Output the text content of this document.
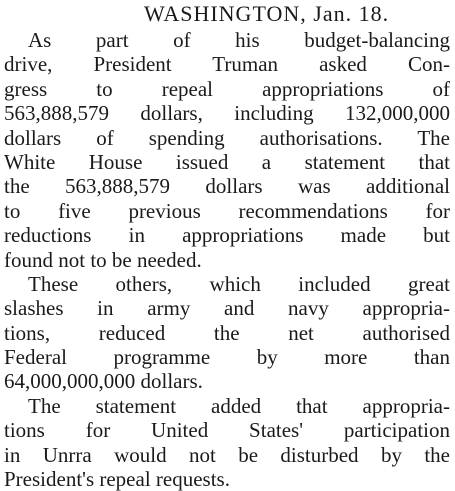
WASHINGTON, Jan. 18.
As part of his budget-balancing
drive, President Truman asked Con-
gress to repeal appropriations of
563,888,579 dollars, including 132,000,000
dollars of spending authorisations. The
White House issued a statement that
the 563,888,579 dollars was additional
to five previous recommendations for
reductions in appropriations made but
found not to be needed.
These others, which included great
slashes in army and navy appropria-
tions, reduced the net authorised
Federal programme by more than
64,000,000,000 dollars.
The statement added that appropria-
tions for United States' participation
in Unrra would not be disturbed by the
President's repeal requests.
